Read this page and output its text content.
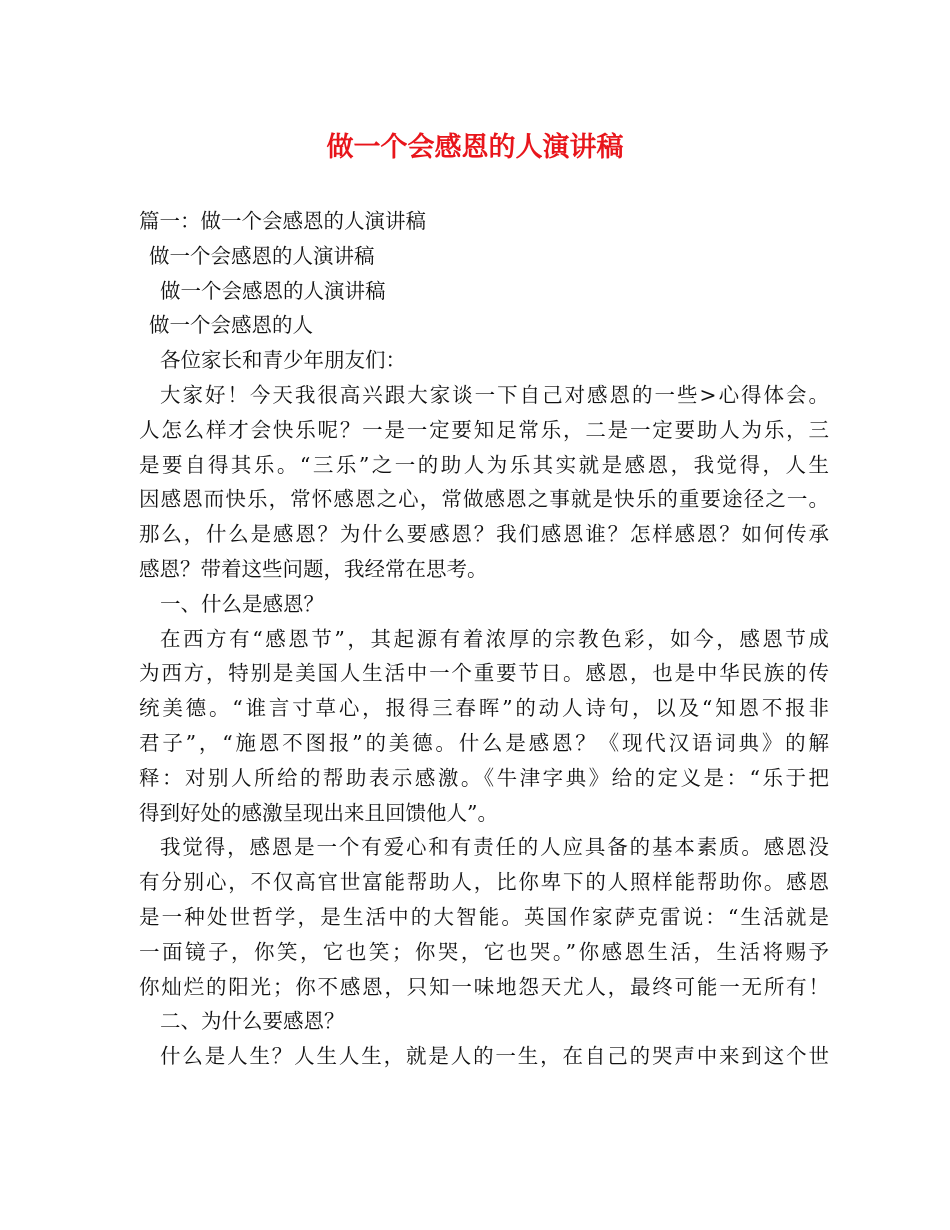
做一个会感恩的人演讲稿
篇一：做一个会感恩的人演讲稿
做一个会感恩的人演讲稿
做一个会感恩的人演讲稿
做一个会感恩的人
各位家长和青少年朋友们：
大家好！今天我很高兴跟大家谈一下自己对感恩的一些>心得体会。
人怎么样才会快乐呢？一是一定要知足常乐，二是一定要助人为乐，三
是要自得其乐。“三乐”之一的助人为乐其实就是感恩，我觉得，人生
因感恩而快乐，常怀感恩之心，常做感恩之事就是快乐的重要途径之一。
那么，什么是感恩？为什么要感恩？我们感恩谁？怎样感恩？如何传承
感恩？带着这些问题，我经常在思考。
一、什么是感恩？
在西方有“感恩节”，其起源有着浓厚的宗教色彩，如今，感恩节成
为西方，特别是美国人生活中一个重要节日。感恩，也是中华民族的传
统美德。“谁言寸草心，报得三春晖”的动人诗句，以及“知恩不报非
君子”，“施恩不图报”的美德。什么是感恩？《现代汉语词典》的解
释：对别人所给的帮助表示感激。《牛津字典》给的定义是：“乐于把
得到好处的感激呈现出来且回馈他人”。
我觉得，感恩是一个有爱心和有责任的人应具备的基本素质。感恩没
有分别心，不仅高官世富能帮助人，比你卑下的人照样能帮助你。感恩
是一种处世哲学，是生活中的大智能。英国作家萨克雷说：“生活就是
一面镜子，你笑，它也笑；你哭，它也哭。”你感恩生活，生活将赐予
你灿烂的阳光；你不感恩，只知一味地怨天尤人，最终可能一无所有！
二、为什么要感恩？
什么是人生？人生人生，就是人的一生，在自己的哭声中来到这个世
